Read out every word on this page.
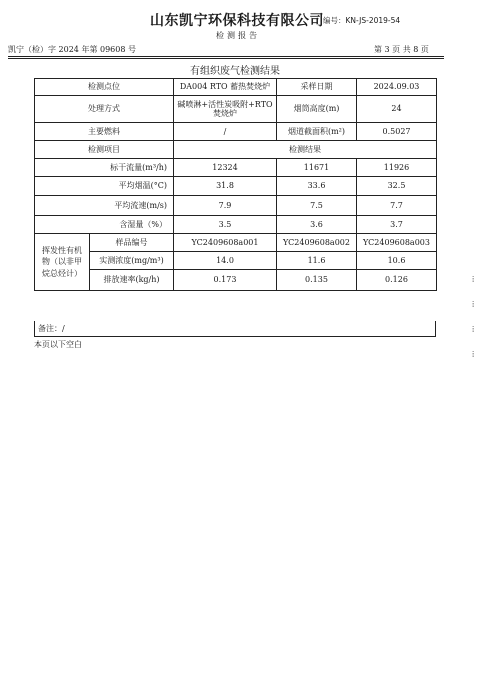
山东凯宁环保科技有限公司 编号：KN-JS-2019-54
检测报告
凯宁（检）字 2024 年第 09608 号	第 3 页 共 8 页
有组织废气检测结果
检测点位		DA004 RTO 蓄热焚烧炉	采样日期	2024.09.03
处理方式		碱喷淋+活性炭吸附+RTO 焚烧炉	烟筒高度(m)	24
主要燃料		/	烟道截面积(m²)	0.5027
检测项目		检测结果		
标干流量(m³/h)		12324	11671	11926
平均烟温(°C)		31.8	33.6	32.5
平均流速(m/s)		7.9	7.5	7.7
含湿量（%）		3.5	3.6	3.7
挥发性有机物（以非甲烷总烃计）	样品编号	YC2409608a001	YC2409608a002	YC2409608a003
	实测浓度(mg/m³)	14.0	11.6	10.6
	排放速率(kg/h)	0.173	0.135	0.126
备注：/
本页以下空白
⁞
⁞
⁞
⁞
